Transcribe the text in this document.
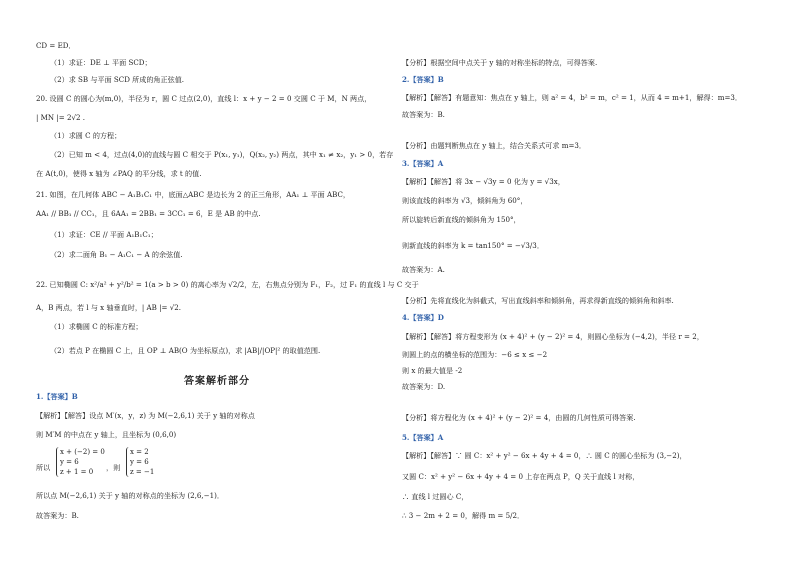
CD = ED．
（1）求证：DE ⊥ 平面 SCD；
（2）求 SB 与平面 SCD 所成的角正弦值.
20. 设圆 C 的圆心为(m,0)，半径为 r，圆 C 过点(2,0)，直线 l：x + y − 2 = 0 交圆 C 于 M，N 两点，
| MN |= 2√2 .
（1）求圆 C 的方程；
（2）已知 m < 4，过点(4,0)的直线与圆 C 相交于 P(x₁, y₁)，Q(x₂, y₂) 两点，其中 x₁ ≠ x₂，y₁ > 0，若存
在 A(t,0)，使得 x 轴为 ∠PAQ 的平分线，求 t 的值.
21. 如图，在几何体 ABC − A₁B₁C₁ 中，底面△ABC 是边长为 2 的正三角形，AA₁ ⊥ 平面 ABC，
AA₁ // BB₁ // CC₁，且 6AA₁ = 2BB₁ = 3CC₁ = 6，E 是 AB 的中点.
（1）求证：CE // 平面 A₁B₁C₁；
（2）求二面角 B₁ − A₁C₁ − A 的余弦值.
22. 已知椭圆 C: x²/a² + y²/b² = 1(a > b > 0) 的离心率为 √2/2，左，右焦点分别为 F₁，F₂，过 F₁ 的直线 l 与 C 交于
A，B 两点，若 l 与 x 轴垂直时，| AB |= √2.
（1）求椭圆 C 的标准方程；
（2）若点 P 在椭圆 C 上，且 OP ⊥ AB(O 为坐标原点)，求 |AB|/|OP|² 的取值范围.
答案解析部分
1.【答案】B
【解析】【解答】设点 M′(x，y，z) 为 M(−2,6,1) 关于 y 轴的对称点
则 M′M 的中点在 y 轴上，且坐标为 (0,6,0)
所以
x + (−2) = 0
y = 6
z + 1 = 0	，则
x = 2
y = 6
z = −1
所以点 M(−2,6,1) 关于 y 轴的对称点的坐标为 (2,6,−1)．
故答案为：B.
【分析】根据空间中点关于 y 轴的对称坐标的特点，可得答案.
2.【答案】B
【解析】【解答】有题意知：焦点在 y 轴上，则 a² = 4，b² = m，c² = 1，从而 4 = m+1，解得：m=3．
故答案为：B.
【分析】由题判断焦点在 y 轴上，结合关系式可求 m=3．
3.【答案】A
【解析】【解答】将 3x − √3y = 0 化为 y = √3x，
则该直线的斜率为 √3，倾斜角为 60°，
所以旋转后新直线的倾斜角为 150°，
则新直线的斜率为 k = tan150° = −√3/3．
故答案为：A.
【分析】先将直线化为斜截式，写出直线斜率和倾斜角，再求得新直线的倾斜角和斜率.
4.【答案】D
【解析】【解答】将方程变形为 (x + 4)² + (y − 2)² = 4，则圆心坐标为 (−4,2)，半径 r = 2，
则圆上的点的横坐标的范围为：−6 ≤ x ≤ −2
则 x 的最大值是 -2
故答案为：D.
【分析】将方程化为 (x + 4)² + (y − 2)² = 4，由圆的几何性质可得答案.
5.【答案】A
【解析】【解答】∵ 圆 C：x² + y² − 6x + 4y + 4 = 0，∴ 圆 C 的圆心坐标为 (3,−2)，
又圆 C：x² + y² − 6x + 4y + 4 = 0 上存在两点 P，Q 关于直线 l 对称，
∴ 直线 l 过圆心 C，
∴ 3 − 2m + 2 = 0，解得 m = 5/2．
